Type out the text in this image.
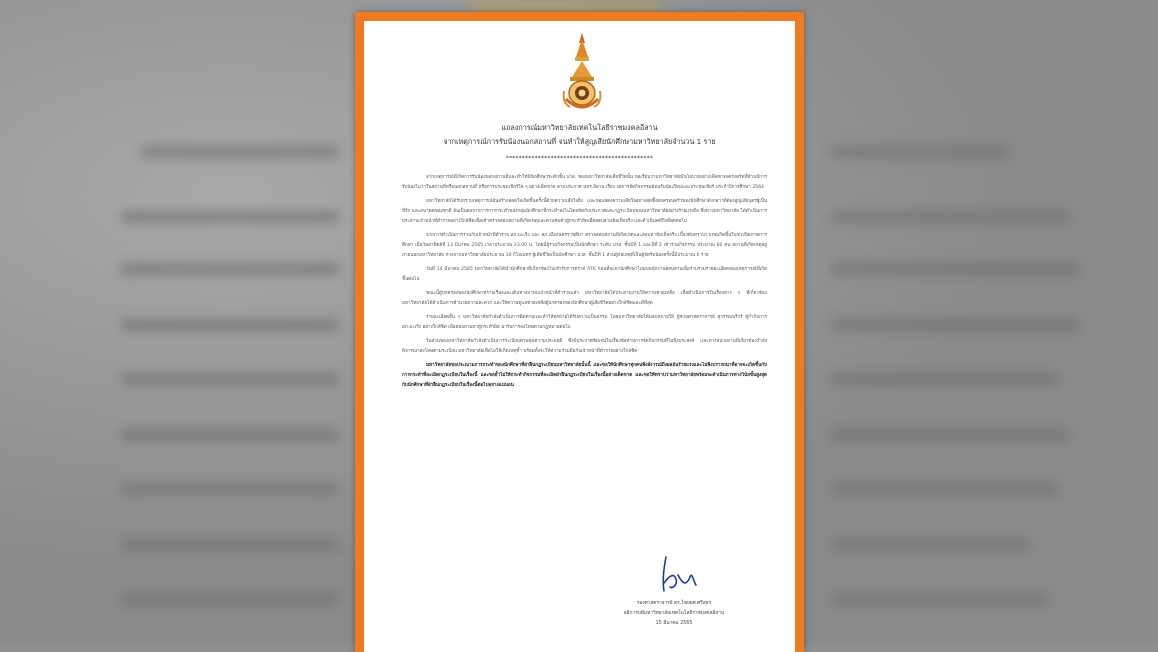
แถลงการณ์มหาวิทยาลัยเทคโนโลยีราชมงคลอีสาน
จากเหตุการณ์การรับน้องนอกสถานที่ จนทำให้สูญเสียนักศึกษามหาวิทยาลัยจำนวน 1 ราย
**********************************************

จากเหตุการณ์ที่เกิดการรับน้องนอกสถานที่และทำให้มีนักศึกษาระดับชั้น ปวส. ของมหาวิทยาลัยเสียชีวิตนั้น ขอเรียนว่ามหาวิทยาลัยมีนโยบายอย่างเด็ดขาดเคร่งครัดที่ห้ามมีการรับน้องไม่ว่าในสถานที่หรือนอกสถานที่ หรือการประชุมเชียร์ใด ๆ อย่างเด็ดขาด ตามประกาศ มทร.อีสาน เรื่อง งดการจัดกิจกรรมต้อนรับน้องใหม่และประชุมเชียร์ ประจำปีการศึกษา 2564

มหาวิทยาลัยได้รับทราบเหตุการณ์อันสร้างสลดใจเกิดขึ้นครั้งนี้ด้วยความเสียใจยิ่ง และขอแสดงความเสียใจอย่างสุดซึ้งต่อครอบครัวของนักศึกษาดังกล่าวที่ต้องสูญเสียบุตรผู้เป็นที่รัก และอนาคตของชาติ อันเป็นผลจากการการกระทำของกลุ่มนักศึกษาที่กระทำลงไปโดยขัดกับประกาศและกฎระเบียบของมหาวิทยาลัยอย่างร้ายแรงยิ่ง ซึ่งทางมหาวิทยาลัย ได้ดำเนินการประสานเจ้าหน้าที่ตำรวจอย่างใกล้ชิดเพื่อเข้าตรวจสอบสถานที่เกิดเหตุและควบคุมตัวผู้กระทำผิดเพื่อสอบสวนข้อเท็จจริง และดำเนินคดีถึงที่สุดต่อไป

จากการดำเนินการร่วมกับเจ้าหน้าที่ตำรวจ สภ.มะเริง และ สภ.เมืองนครราชสีมา ตรวจสอบสถานที่เกิดเหตุและสอบหาข้อเท็จจริง เบื้องต้นทราบว่าเหตุเกิดขึ้นในช่วงปิดภาคการศึกษา เมื่อวันอาทิตย์ที่ 13 มีนาคม 2565 เวลาประมาณ 23.00 น. โดยมีผู้ร่วมกิจกรรมเป็นนักศึกษา ระดับ ปวส. ชั้นปีที่ 1 และปีที่ 2 เข้าร่วมกิจกรรม ประมาณ 60 คน สถานที่เกิดเหตุอยู่ภายนอกมหาวิทยาลัย ห่างจากมหาวิทยาลัยประมาณ 10 กิโลเมตร ผู้เสียชีวิตเป็นนักศึกษา ปวส. ชั้นปีที่ 1 ส่วนผู้ก่อเหตุที่เป็นผู้จัดรับน้องครั้งนี้มีประมาณ 6 ราย

วันที่ 14 มีนาคม 2565 มหาวิทยาลัยได้นำนักศึกษาที่เกี่ยวข้องไปเข้ารับการตรวจ ATK ก่อนที่จะพานักศึกษาไปพบพนักงานสอบสวนเพื่อรวบรวมรายละเอียดของเหตุการณ์ที่เกิดขึ้นต่อไป

ขณะนี้ผู้ปกครองของนักศึกษาทราบเรื่องและเดินทางมาพบเจ้าหน้าที่ตำรวจแล้ว มหาวิทยาลัยได้ประสานงานให้ความช่วยเหลือ เพื่อดำเนินการในเรื่องต่าง ๆ ที่เกี่ยวข้อง มหาวิทยาลัยได้ดำเนินการอำนวยความสะดวก และให้ความดูแลช่วยเหลือผู้ปกครองของนักศึกษาผู้เสียชีวิตอย่างใกล้ชิดและดีที่สุด

รายละเอียดอื่น ๆ มหาวิทยาลัยกำลังดำเนินการติดตามและทำให้ทุกฝ่ายได้รับความเป็นธรรม โดยมหาวิทยาลัยได้มอบหมายให้ ผู้ช่วยศาสตราจารย์ สุวรรณพรีวร์ ผู้กำกับการ สภ.มะเริง อย่างใกล้ชิด เพื่อสอบสวนหาผู้กระทำผิด มารับการลงโทษตามกฎหมายต่อไป

ในส่วนของมหาวิทยาลัยกำลังดำเนินการระเบียบควบคุมความประพฤติ ซึ่งมีประกาศชัดเจนในเรื่องข้อห้ามการจัดกิจกรรมที่ไม่พึงประสงค์ และทางหน่วยงานที่เกี่ยวข้องกำลังพิจารณาลงโทษตามระเบียบ มหาวิทยาลัยเพื่อไม่ให้เกิดเหตุซ้ำ พร้อมทั้งจะให้ความร่วมมือกับเจ้าหน้าที่ตำรวจอย่างใกล้ชิด

มหาวิทยาลัยขอประณามการกระทำของนักศึกษาที่ฝ่าฝืนกฎระเบียบมหาวิทยาลัยนั้นนี้ และขอให้นักศึกษาทุกคนพึงสังวรณ์ถึงผลอันร้ายแรงและไม่พึงปรารถนาที่อาจจะเกิดขึ้นกับการกระทำที่ละเมิดกฎระเบียบในเรื่องนี้ และขอย้ำไม่ให้กระทำกิจกรรมที่ละเมิดฝ่าฝืนกฎระเบียบในเรื่องนี้อย่างเด็ดขาด และขอให้ทราบว่ามหาวิทยาลัยพร้อมจะดำเนินการทางวินัยขั้นสูงสุดกับนักศึกษาที่ฝ่าฝืนกฎระเบียบในเรื่องนี้ต่อไปอย่างแน่นอน

รองศาสตราจารย์ ดร.ไชยยศ ศรีสุธร
อธิการบดีมหาวิทยาลัยเทคโนโลยีราชมงคลอีสาน
15 มีนาคม 2565
